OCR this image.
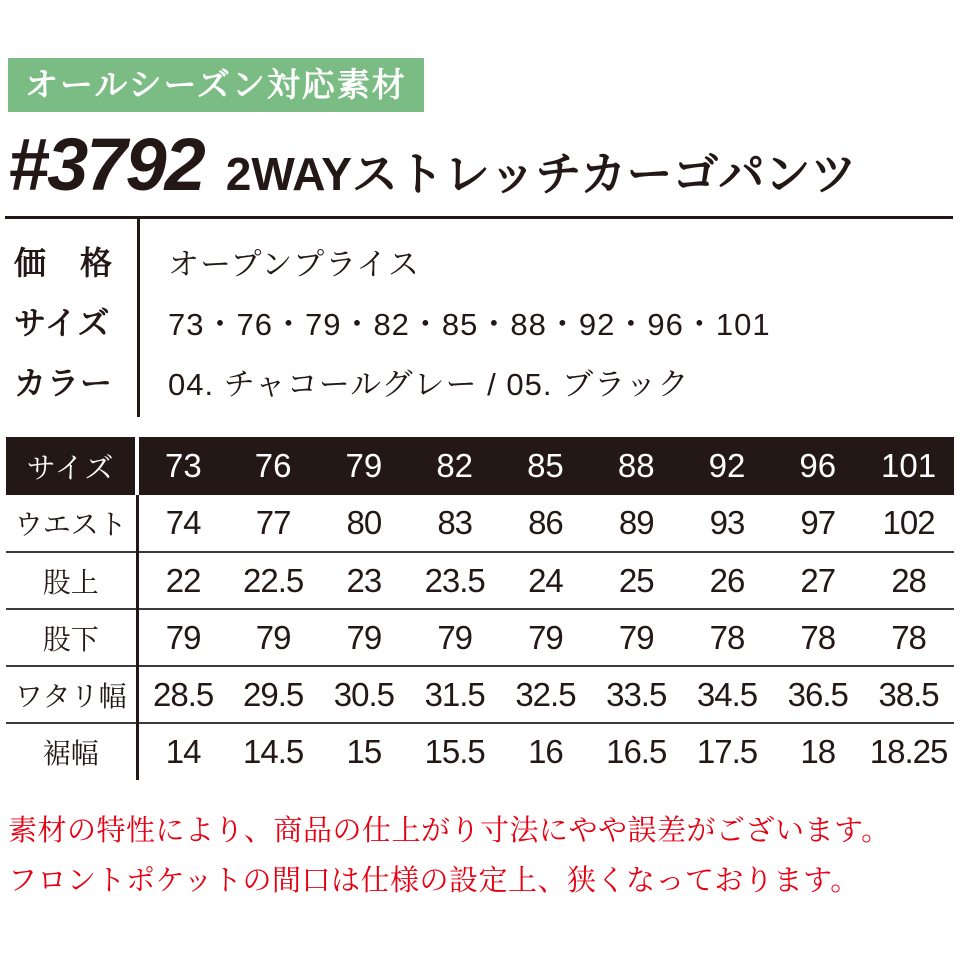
オールシーズン対応素材
#3792 2WAYストレッチカーゴパンツ
価　格	オープンプライス
サイズ	73・76・79・82・85・88・92・96・101
カラー	04. チャコールグレー / 05. ブラック
サイズ	73	76	79	82	85	88	92	96	101
ウエスト	74	77	80	83	86	89	93	97	102
股上	22	22.5	23	23.5	24	25	26	27	28
股下	79	79	79	79	79	79	78	78	78
ワタリ幅	28.5	29.5	30.5	31.5	32.5	33.5	34.5	36.5	38.5
裾幅	14	14.5	15	15.5	16	16.5	17.5	18	18.25
素材の特性により、商品の仕上がり寸法にやや誤差がございます。
フロントポケットの間口は仕様の設定上、狭くなっております。
